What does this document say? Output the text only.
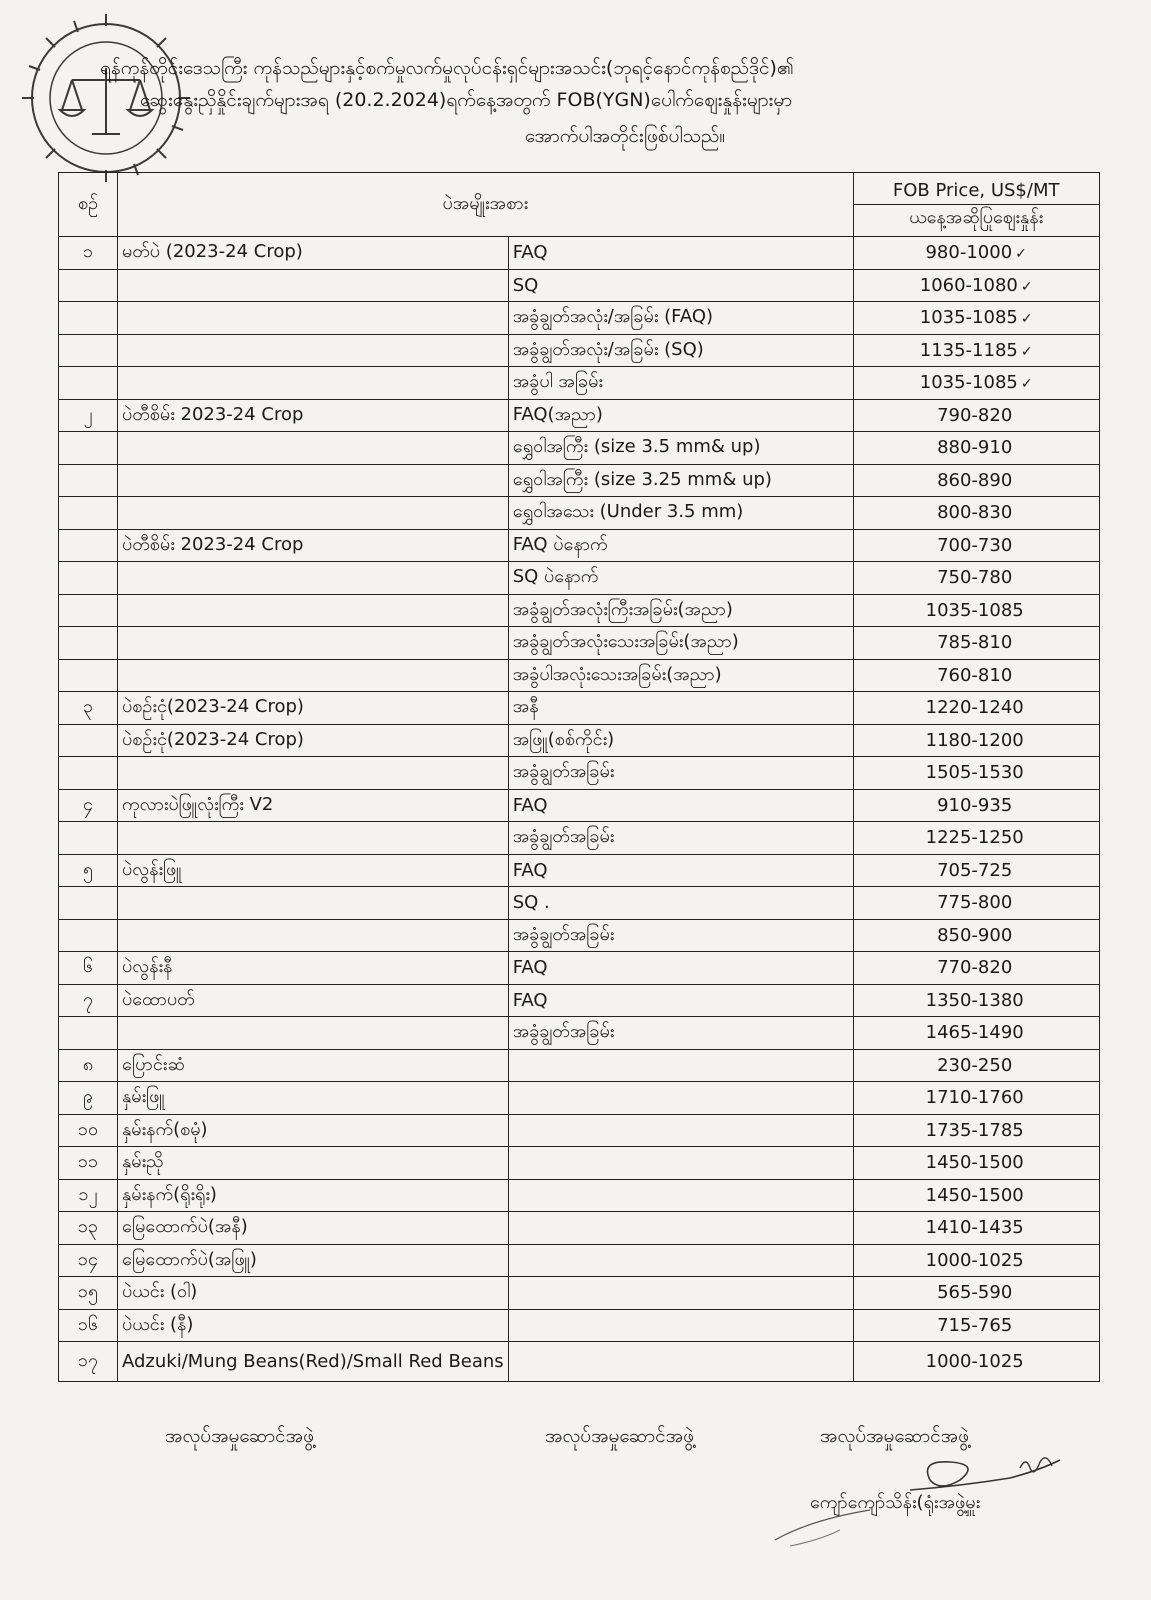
ရန်ကုန်တိုင်းဒေသကြီး ကုန်သည်များနှင့်စက်မှုလက်မှုလုပ်ငန်းရှင်များအသင်း(ဘုရင့်နောင်ကုန်စည်ဒိုင်)၏
ဆွေးနွေးညှိနှိုင်းချက်များအရ (20.2.2024)ရက်နေ့အတွက် FOB(YGN)ပေါက်ဈေးနှုန်းများမှာ
အောက်ပါအတိုင်းဖြစ်ပါသည်။
စဉ်	ပဲအမျိုးအစား		FOB Price, US$/MT
ယနေ့အဆိုပြုဈေးနှုန်း

၁	မတ်ပဲ (2023-24 Crop)	FAQ	980-1000 ✓
		SQ	1060-1080 ✓
		အခွံချွတ်အလုံး/အခြမ်း (FAQ)	1035-1085 ✓
		အခွံချွတ်အလုံး/အခြမ်း (SQ)	1135-1185 ✓
		အခွံပါ အခြမ်း	1035-1085 ✓
၂	ပဲတီစိမ်း 2023-24 Crop	FAQ(အညာ)	790-820
		ရွှေဝါအကြီး (size 3.5 mm& up)	880-910
		ရွှေဝါအကြီး (size 3.25 mm& up)	860-890
		ရွှေဝါအသေး (Under 3.5 mm)	800-830
	ပဲတီစိမ်း 2023-24 Crop	FAQ ပဲနောက်	700-730
		SQ ပဲနောက်	750-780
		အခွံချွတ်အလုံးကြီးအခြမ်း(အညာ)	1035-1085
		အခွံချွတ်အလုံးသေးအခြမ်း(အညာ)	785-810
		အခွံပါအလုံးသေးအခြမ်း(အညာ)	760-810
၃	ပဲစဉ်းငုံ(2023-24 Crop)	အနီ	1220-1240
	ပဲစဉ်းငုံ(2023-24 Crop)	အဖြူ(စစ်ကိုင်း)	1180-1200
		အခွံချွတ်အခြမ်း	1505-1530
၄	ကုလားပဲဖြူလုံးကြီး V2	FAQ	910-935
		အခွံချွတ်အခြမ်း	1225-1250
၅	ပဲလွန်းဖြူ	FAQ	705-725
		SQ .	775-800
		အခွံချွတ်အခြမ်း	850-900
၆	ပဲလွန်းနီ	FAQ	770-820
၇	ပဲထောပတ်	FAQ	1350-1380
		အခွံချွတ်အခြမ်း	1465-1490
၈	ပြောင်းဆံ		230-250
၉	နှမ်းဖြူ		1710-1760
၁၀	နှမ်းနက်(စမုံ)		1735-1785
၁၁	နှမ်းညို		1450-1500
၁၂	နှမ်းနက်(ရိုးရိုး)		1450-1500
၁၃	မြေထောက်ပဲ(အနီ)		1410-1435
၁၄	မြေထောက်ပဲ(အဖြူ)		1000-1025
၁၅	ပဲယင်း (ဝါ)		565-590
၁၆	ပဲယင်း (နီ)		715-765
၁၇	Adzuki/Mung Beans(Red)/Small Red Beans		1000-1025
အလုပ်အမှုဆောင်အဖွဲ့	အလုပ်အမှုဆောင်အဖွဲ့	အလုပ်အမှုဆောင်အဖွဲ့
ကျော်ကျော်သိန်း(ရုံးအဖွဲ့မှူး
